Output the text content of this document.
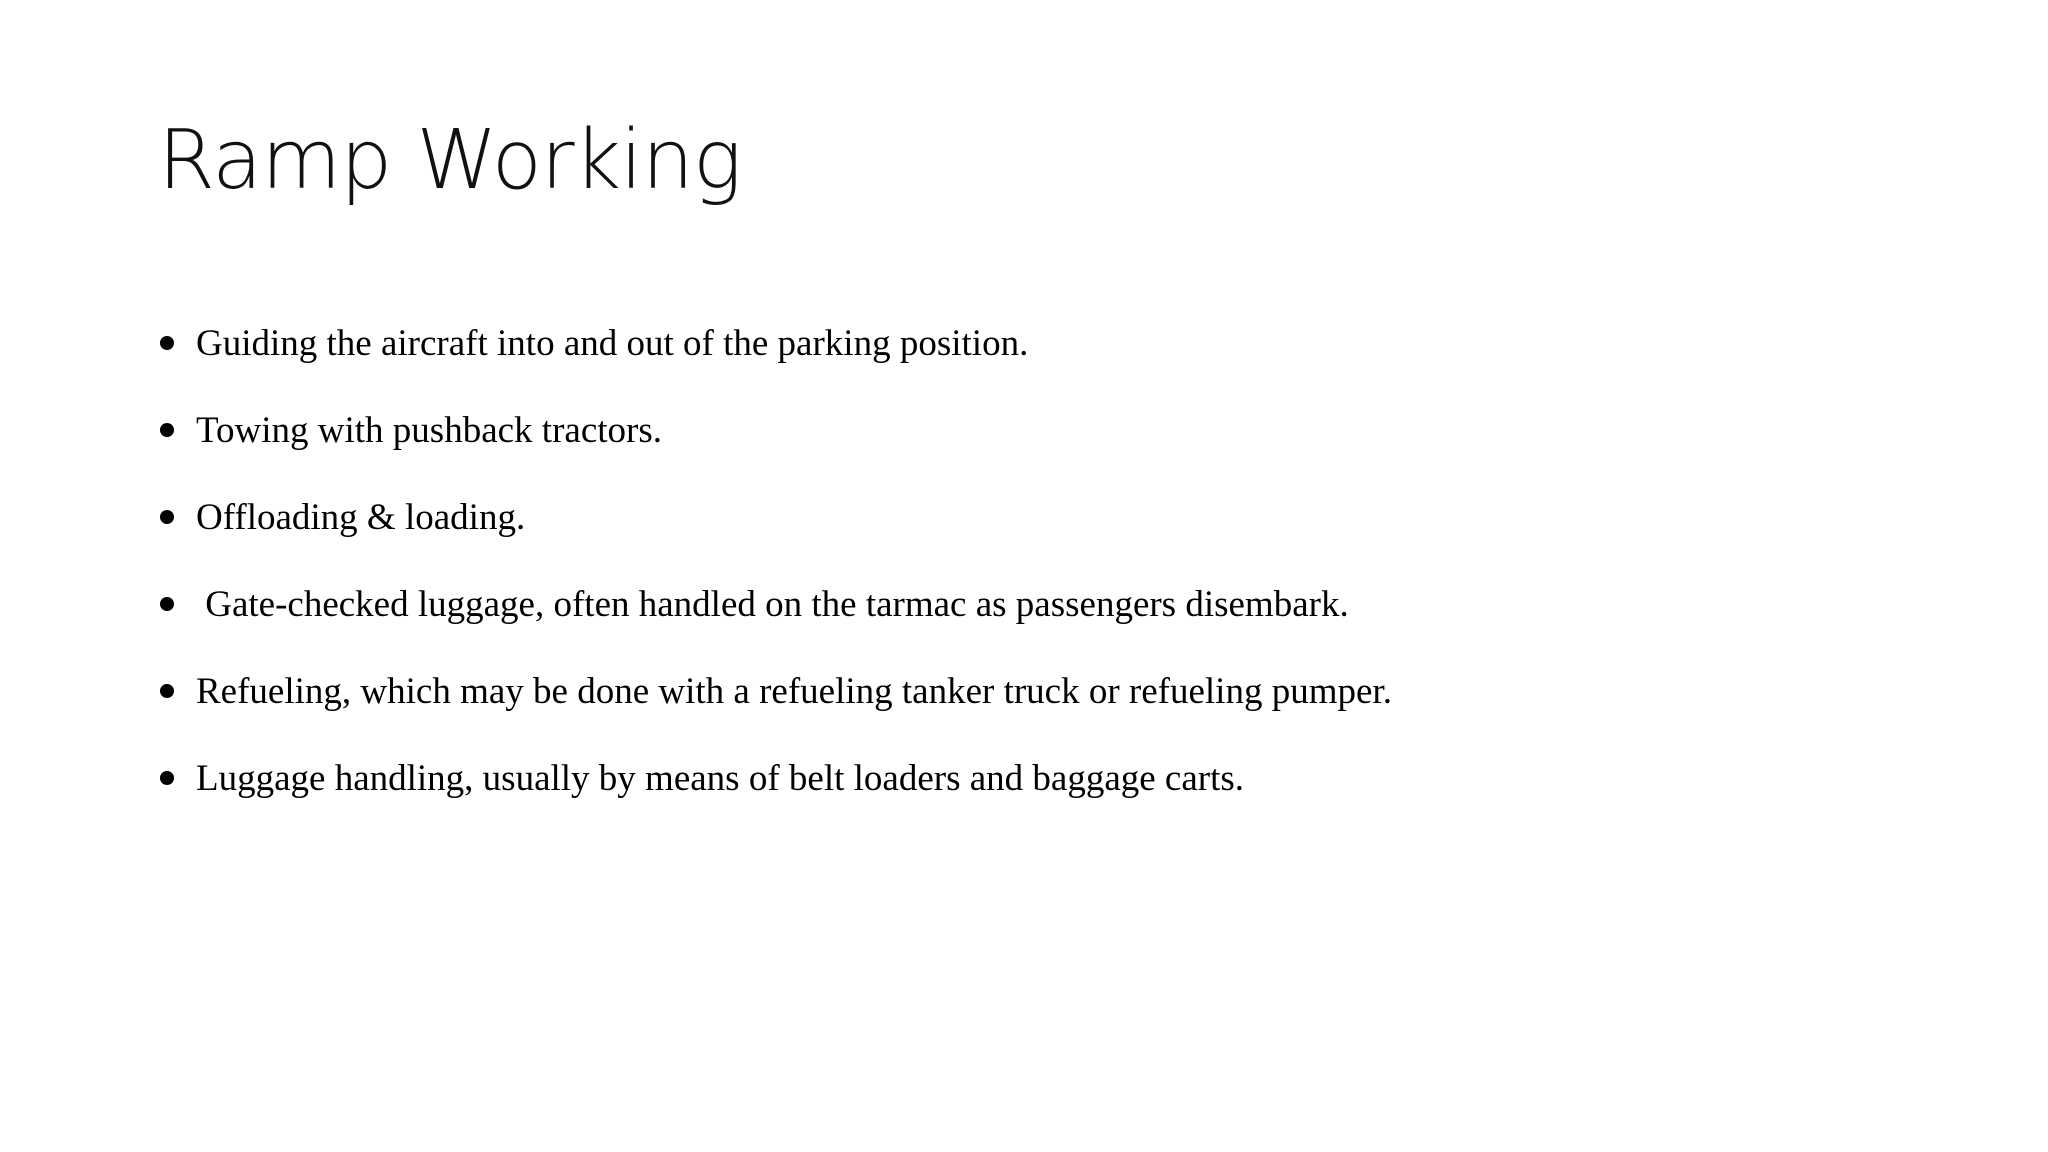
Ramp Working
Guiding the aircraft into and out of the parking position.
Towing with pushback tractors.
Offloading & loading.
Gate-checked luggage, often handled on the tarmac as passengers disembark.
Refueling, which may be done with a refueling tanker truck or refueling pumper.
Luggage handling, usually by means of belt loaders and baggage carts.
